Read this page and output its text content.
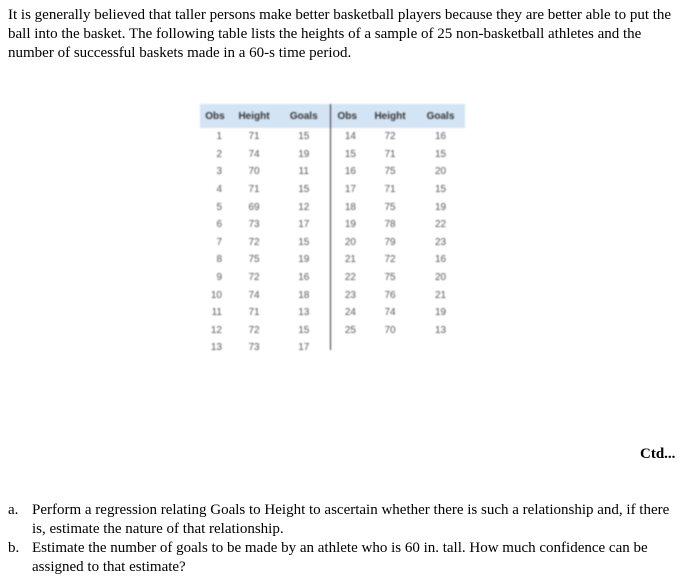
It is generally believed that taller persons make better basketball players because they are better able to put the ball into the basket. The following table lists the heights of a sample of 25 non-basketball athletes and the number of successful baskets made in a 60-s time period.

Obs	Height	Goals	Obs	Height	Goals
1	71	15	14	72	16
2	74	19	15	71	15
3	70	11	16	75	20
4	71	15	17	71	15
5	69	12	18	75	19
6	73	17	19	78	22
7	72	15	20	79	23
8	75	19	21	72	16
9	72	16	22	75	20
10	74	18	23	76	21
11	71	13	24	74	19
12	72	15	25	70	13
13	73	17			
Ctd...
a. Perform a regression relating Goals to Height to ascertain whether there is such a relationship and, if there is, estimate the nature of that relationship.
b. Estimate the number of goals to be made by an athlete who is 60 in. tall. How much confidence can be assigned to that estimate?
